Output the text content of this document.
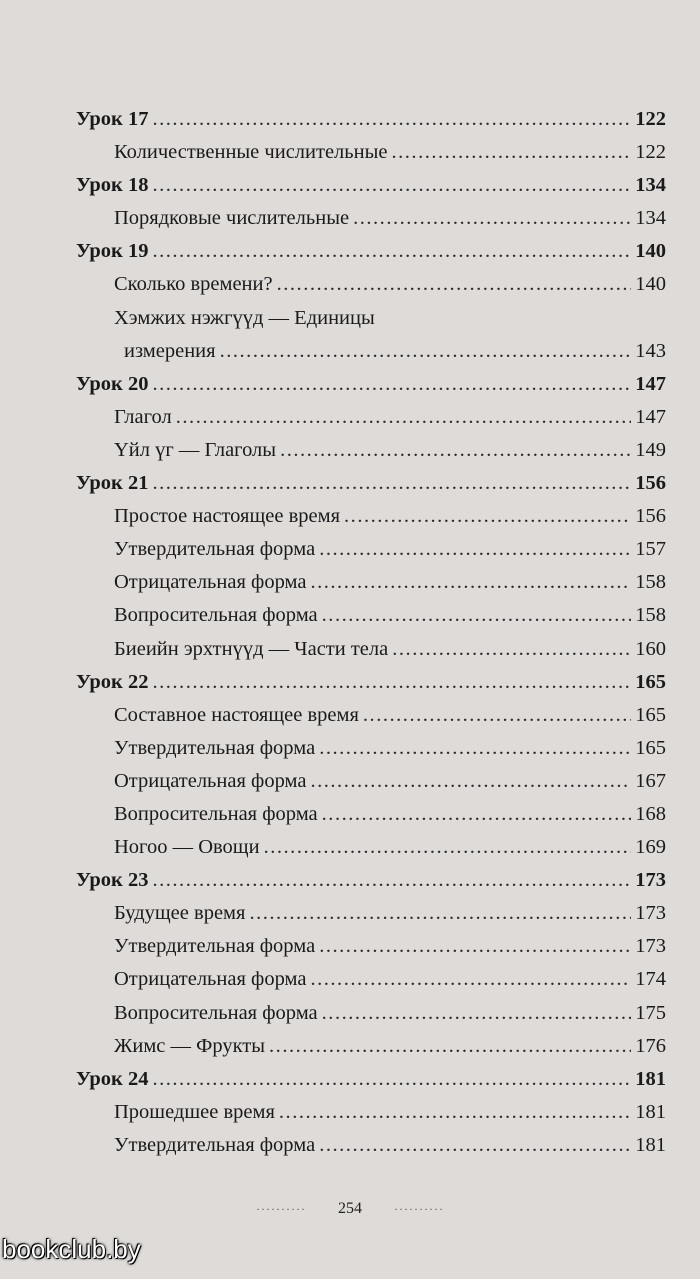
Урок 17 . . .	122
Количественные числительные . . .	122
Урок 18 . . .	134
Порядковые числительные . . .	134
Урок 19 . . .	140
Сколько времени? . . .	140
Хэмжих нэжгүүд — Единицы
измерения . . .	143
Урок 20 . . .	147
Глагол . . .	147
Үйл үг — Глаголы . . .	149
Урок 21 . . .	156
Простое настоящее время . . .	156
Утвердительная форма . . .	157
Отрицательная форма . . .	158
Вопросительная форма . . .	158
Биеийн эрхтнүүд — Части тела . . .	160
Урок 22 . . .	165
Составное настоящее время . . .	165
Утвердительная форма . . .	165
Отрицательная форма . . .	167
Вопросительная форма . . .	168
Ногоо — Овощи . . .	169
Урок 23 . . .	173
Будущее время . . .	173
Утвердительная форма . . .	173
Отрицательная форма . . .	174
Вопросительная форма . . .	175
Жимс — Фрукты . . .	176
Урок 24 . . .	181
Прошедшее время . . .	181
Утвердительная форма . . .	181
·········· 254	··········
bookclub.by
